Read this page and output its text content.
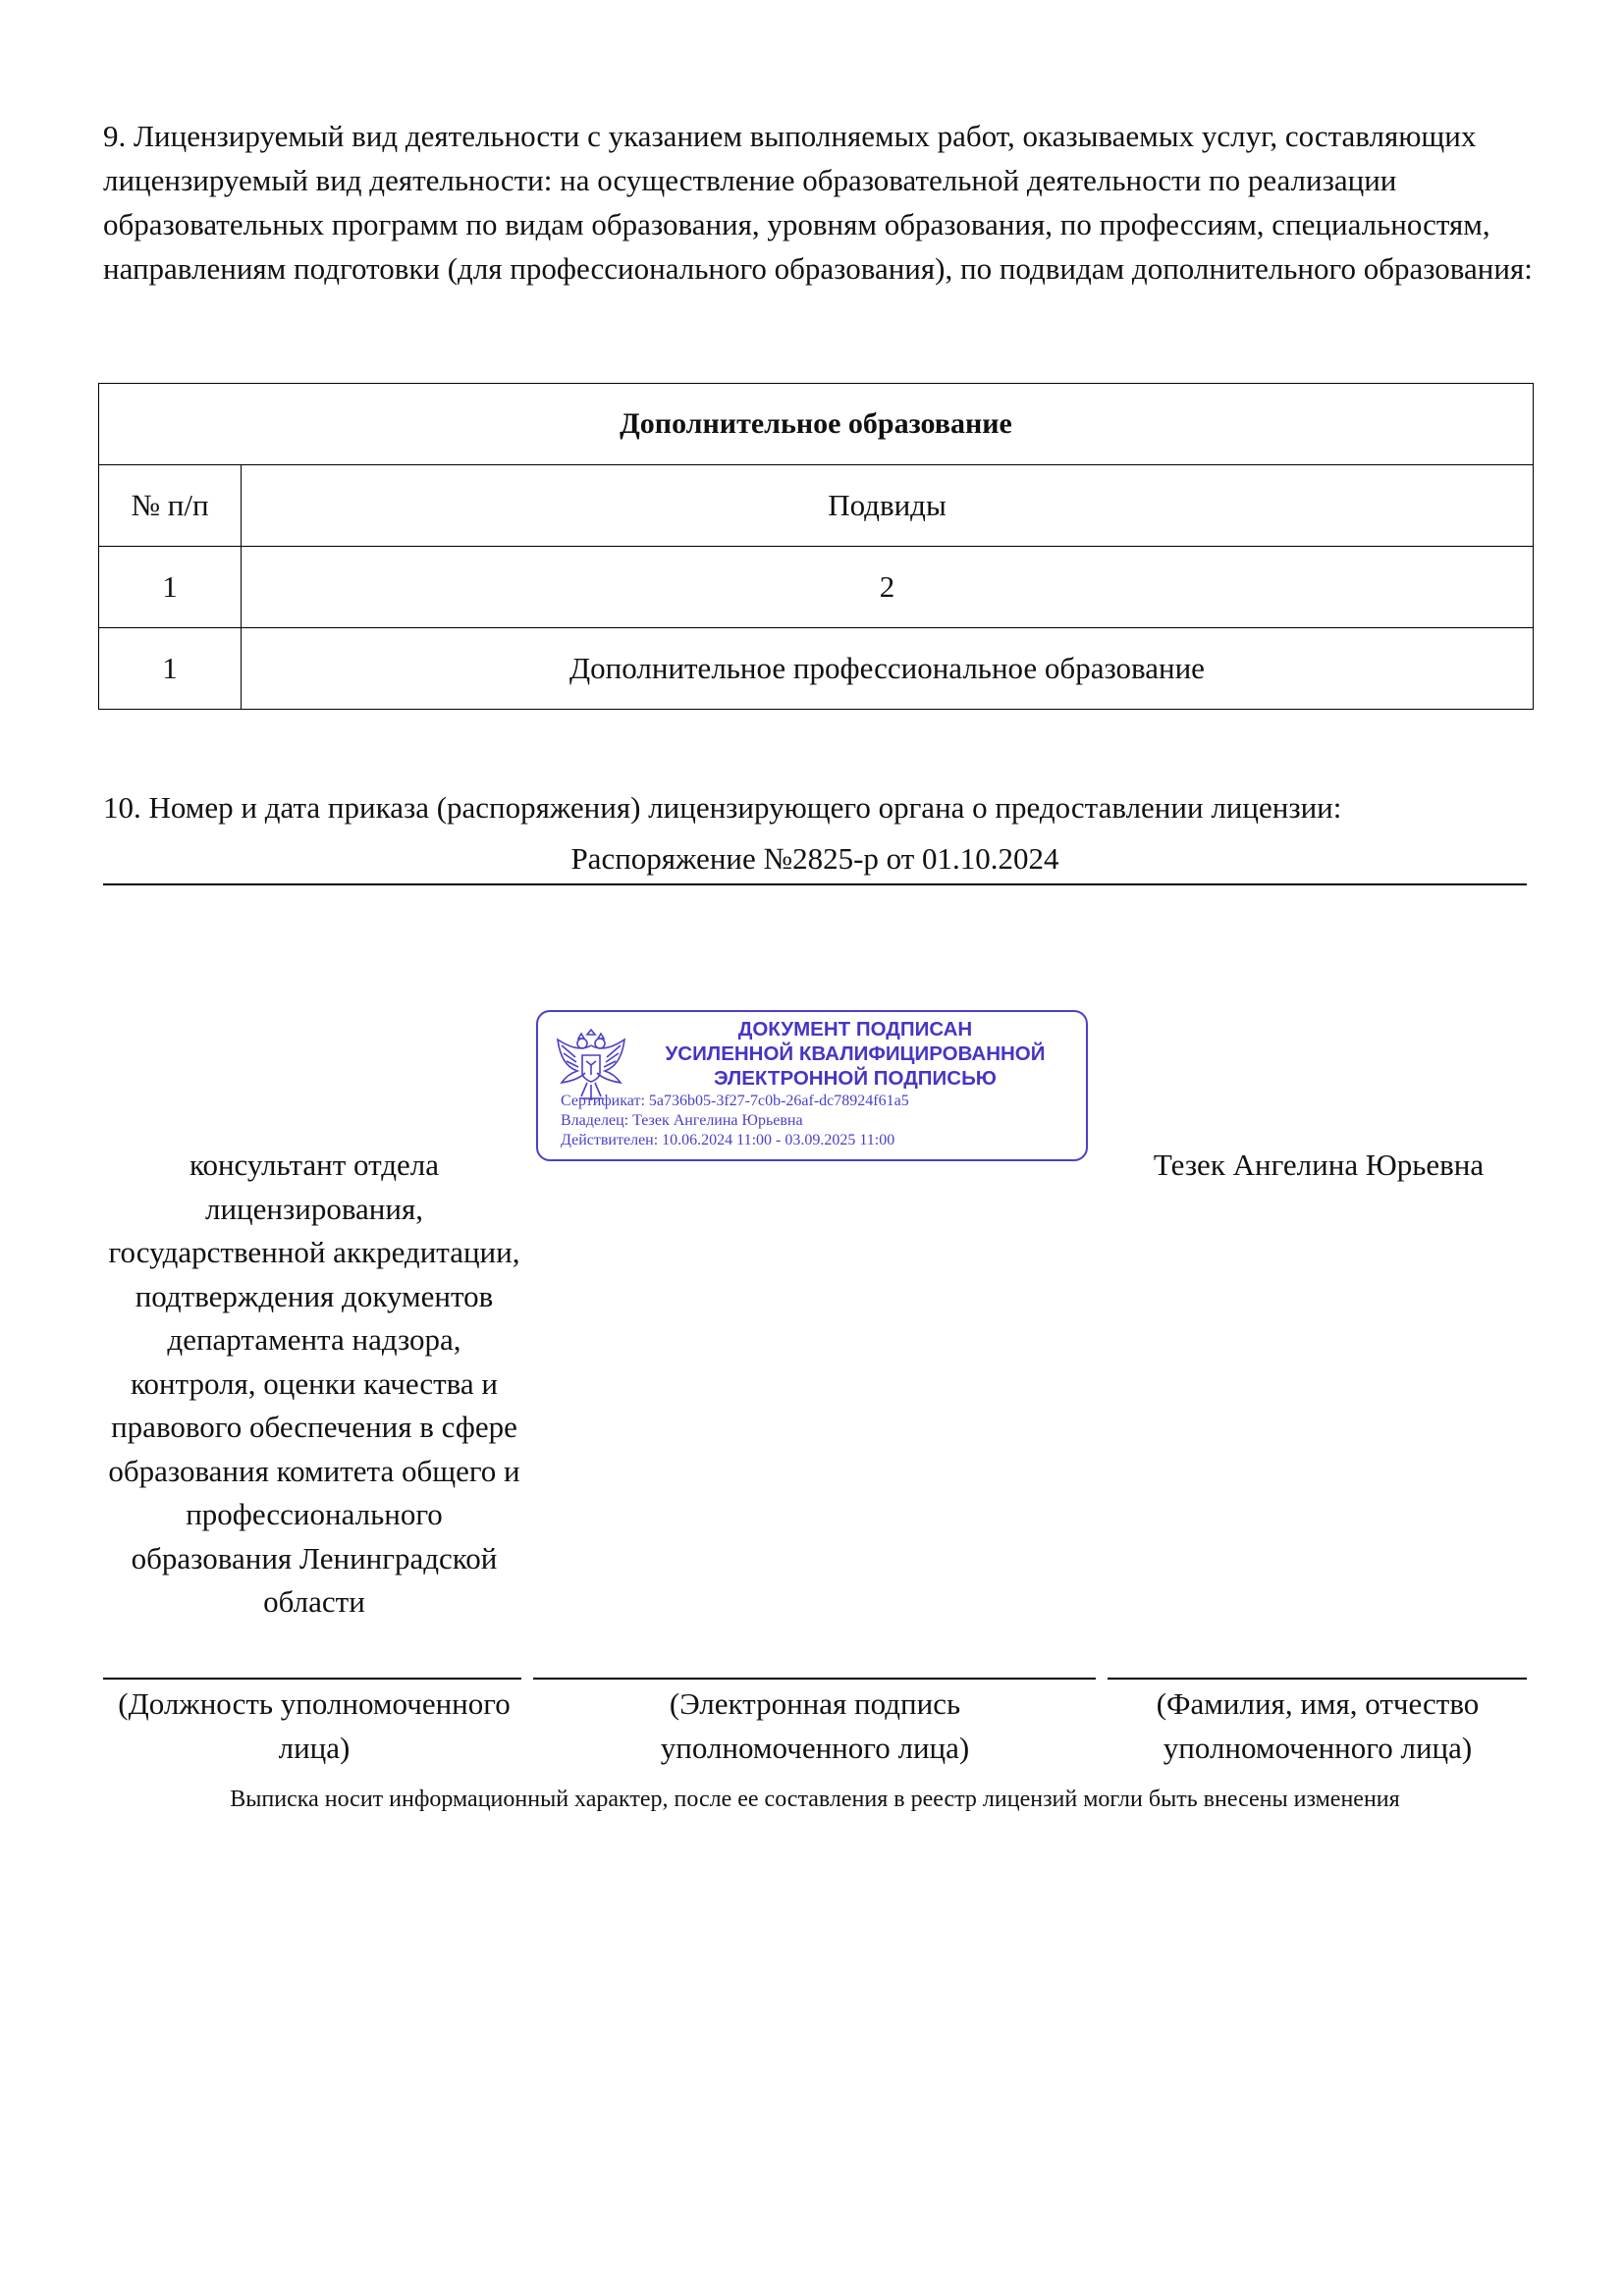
9. Лицензируемый вид деятельности с указанием выполняемых работ, оказываемых услуг, составляющих лицензируемый вид деятельности: на осуществление образовательной деятельности по реализации образовательных программ по видам образования, уровням образования, по профессиям, специальностям, направлениям подготовки (для профессионального образования), по подвидам дополнительного образования:
Дополнительное образование	
№ п/п	Подвиды
1	2
1	Дополнительное профессиональное образование
10. Номер и дата приказа (распоряжения) лицензирующего органа о предоставлении лицензии:
Распоряжение №2825-р от 01.10.2024
ДОКУМЕНТ ПОДПИСАН
УСИЛЕННОЙ КВАЛИФИЦИРОВАННОЙ
ЭЛЕКТРОННОЙ ПОДПИСЬЮ
Сертификат: 5a736b05-3f27-7c0b-26af-dc78924f61a5
Владелец: Тезек Ангелина Юрьевна
Действителен: 10.06.2024 11:00 - 03.09.2025 11:00
консультант отдела лицензирования, государственной аккредитации, подтверждения документов департамента надзора, контроля, оценки качества и правового обеспечения в сфере образования комитета общего и профессионального образования Ленинградской области
Тезек Ангелина Юрьевна
(Должность уполномоченного лица)
(Электронная подпись уполномоченного лица)
(Фамилия, имя, отчество уполномоченного лица)
Выписка носит информационный характер, после ее составления в реестр лицензий могли быть внесены изменения
